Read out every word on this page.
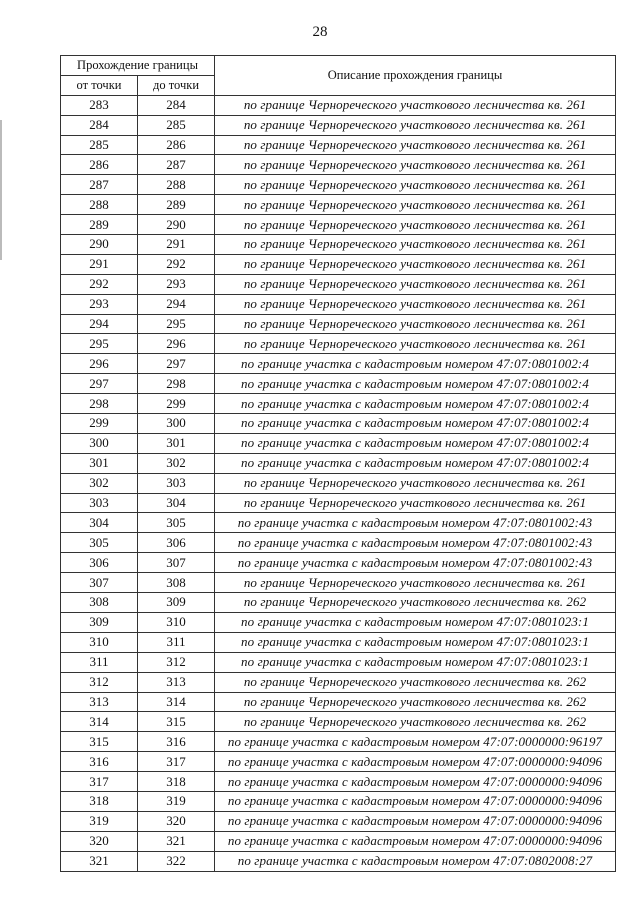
28
Прохождение границы		Описание прохождения границы
от точки	до точки	
283	284	по границе Чернореческого участкового лесничества кв. 261
284	285	по границе Чернореческого участкового лесничества кв. 261
285	286	по границе Чернореческого участкового лесничества кв. 261
286	287	по границе Чернореческого участкового лесничества кв. 261
287	288	по границе Чернореческого участкового лесничества кв. 261
288	289	по границе Чернореческого участкового лесничества кв. 261
289	290	по границе Чернореческого участкового лесничества кв. 261
290	291	по границе Чернореческого участкового лесничества кв. 261
291	292	по границе Чернореческого участкового лесничества кв. 261
292	293	по границе Чернореческого участкового лесничества кв. 261
293	294	по границе Чернореческого участкового лесничества кв. 261
294	295	по границе Чернореческого участкового лесничества кв. 261
295	296	по границе Чернореческого участкового лесничества кв. 261
296	297	по границе участка с кадастровым номером 47:07:0801002:4
297	298	по границе участка с кадастровым номером 47:07:0801002:4
298	299	по границе участка с кадастровым номером 47:07:0801002:4
299	300	по границе участка с кадастровым номером 47:07:0801002:4
300	301	по границе участка с кадастровым номером 47:07:0801002:4
301	302	по границе участка с кадастровым номером 47:07:0801002:4
302	303	по границе Чернореческого участкового лесничества кв. 261
303	304	по границе Чернореческого участкового лесничества кв. 261
304	305	по границе участка с кадастровым номером 47:07:0801002:43
305	306	по границе участка с кадастровым номером 47:07:0801002:43
306	307	по границе участка с кадастровым номером 47:07:0801002:43
307	308	по границе Чернореческого участкового лесничества кв. 261
308	309	по границе Чернореческого участкового лесничества кв. 262
309	310	по границе участка с кадастровым номером 47:07:0801023:1
310	311	по границе участка с кадастровым номером 47:07:0801023:1
311	312	по границе участка с кадастровым номером 47:07:0801023:1
312	313	по границе Чернореческого участкового лесничества кв. 262
313	314	по границе Чернореческого участкового лесничества кв. 262
314	315	по границе Чернореческого участкового лесничества кв. 262
315	316	по границе участка с кадастровым номером 47:07:0000000:96197
316	317	по границе участка с кадастровым номером 47:07:0000000:94096
317	318	по границе участка с кадастровым номером 47:07:0000000:94096
318	319	по границе участка с кадастровым номером 47:07:0000000:94096
319	320	по границе участка с кадастровым номером 47:07:0000000:94096
320	321	по границе участка с кадастровым номером 47:07:0000000:94096
321	322	по границе участка с кадастровым номером 47:07:0802008:27
